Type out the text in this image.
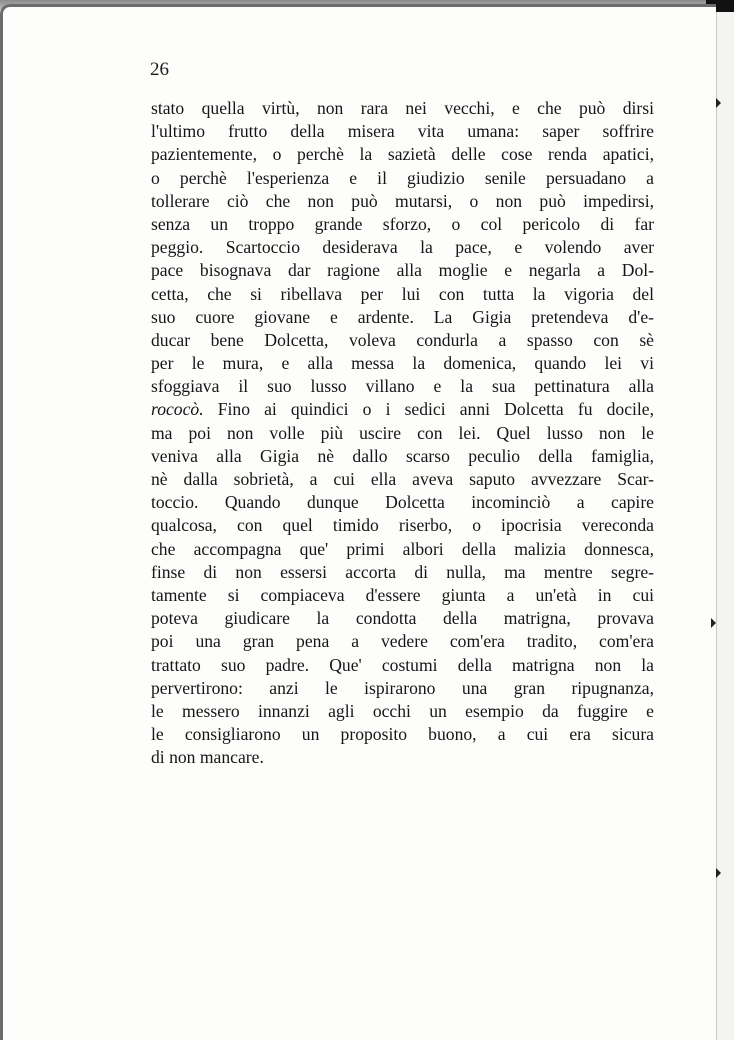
26

stato quella virtù, non rara nei vecchi, e che può dirsi
l'ultimo frutto della misera vita umana: saper soffrire
pazientemente, o perchè la sazietà delle cose renda apatici,
o perchè l'esperienza e il giudizio senile persuadano a
tollerare ciò che non può mutarsi, o non può impedirsi,
senza un troppo grande sforzo, o col pericolo di far
peggio. Scartoccio desiderava la pace, e volendo aver
pace bisognava dar ragione alla moglie e negarla a Dol-
cetta, che si ribellava per lui con tutta la vigoria del
suo cuore giovane e ardente. La Gigia pretendeva d'e-
ducar bene Dolcetta, voleva condurla a spasso con sè
per le mura, e alla messa la domenica, quando lei vi
sfoggiava il suo lusso villano e la sua pettinatura alla
rococò. Fino ai quindici o i sedici anni Dolcetta fu docile,
ma poi non volle più uscire con lei. Quel lusso non le
veniva alla Gigia nè dallo scarso peculio della famiglia,
nè dalla sobrietà, a cui ella aveva saputo avvezzare Scar-
toccio. Quando dunque Dolcetta incominciò a capire
qualcosa, con quel timido riserbo, o ipocrisia vereconda
che accompagna que' primi albori della malizia donnesca,
finse di non essersi accorta di nulla, ma mentre segre-
tamente si compiaceva d'essere giunta a un'età in cui
poteva giudicare la condotta della matrigna, provava
poi una gran pena a vedere com'era tradito, com'era
trattato suo padre. Que' costumi della matrigna non la
pervertirono: anzi le ispirarono una gran ripugnanza,
le messero innanzi agli occhi un esempio da fuggire e
le consigliarono un proposito buono, a cui era sicura
di non mancare.
